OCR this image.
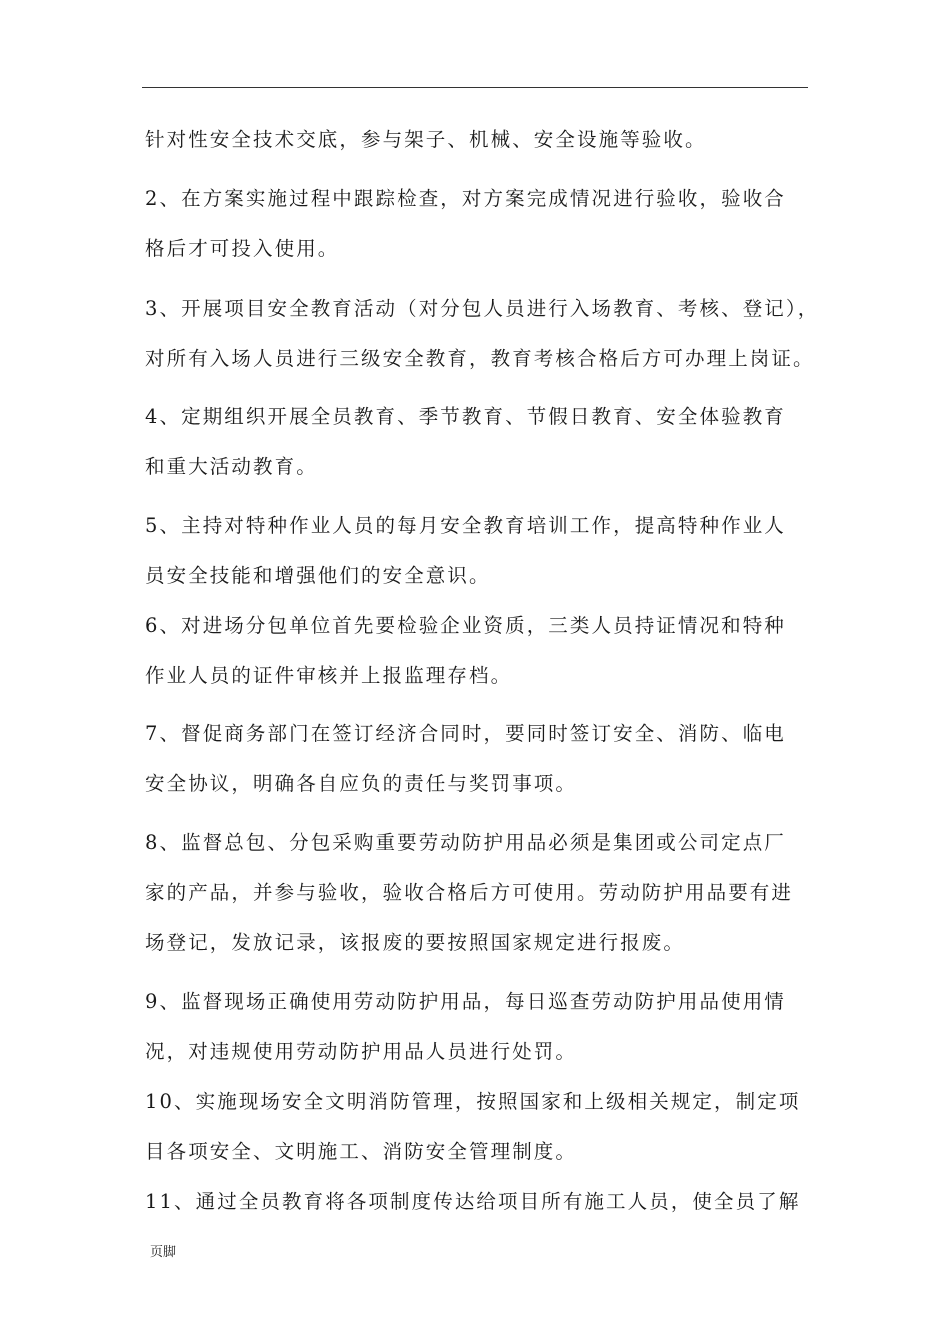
针对性安全技术交底，参与架子、机械、安全设施等验收。
2、在方案实施过程中跟踪检查，对方案完成情况进行验收，验收合
格后才可投入使用。
3、开展项目安全教育活动（对分包人员进行入场教育、考核、登记），
对所有入场人员进行三级安全教育，教育考核合格后方可办理上岗证。
4、定期组织开展全员教育、季节教育、节假日教育、安全体验教育
和重大活动教育。
5、主持对特种作业人员的每月安全教育培训工作，提高特种作业人
员安全技能和增强他们的安全意识。
6、对进场分包单位首先要检验企业资质，三类人员持证情况和特种
作业人员的证件审核并上报监理存档。
7、督促商务部门在签订经济合同时，要同时签订安全、消防、临电
安全协议，明确各自应负的责任与奖罚事项。
8、监督总包、分包采购重要劳动防护用品必须是集团或公司定点厂
家的产品，并参与验收，验收合格后方可使用。劳动防护用品要有进
场登记，发放记录，该报废的要按照国家规定进行报废。
9、监督现场正确使用劳动防护用品，每日巡查劳动防护用品使用情
况，对违规使用劳动防护用品人员进行处罚。
10、实施现场安全文明消防管理，按照国家和上级相关规定，制定项
目各项安全、文明施工、消防安全管理制度。
11、通过全员教育将各项制度传达给项目所有施工人员，使全员了解
页脚
